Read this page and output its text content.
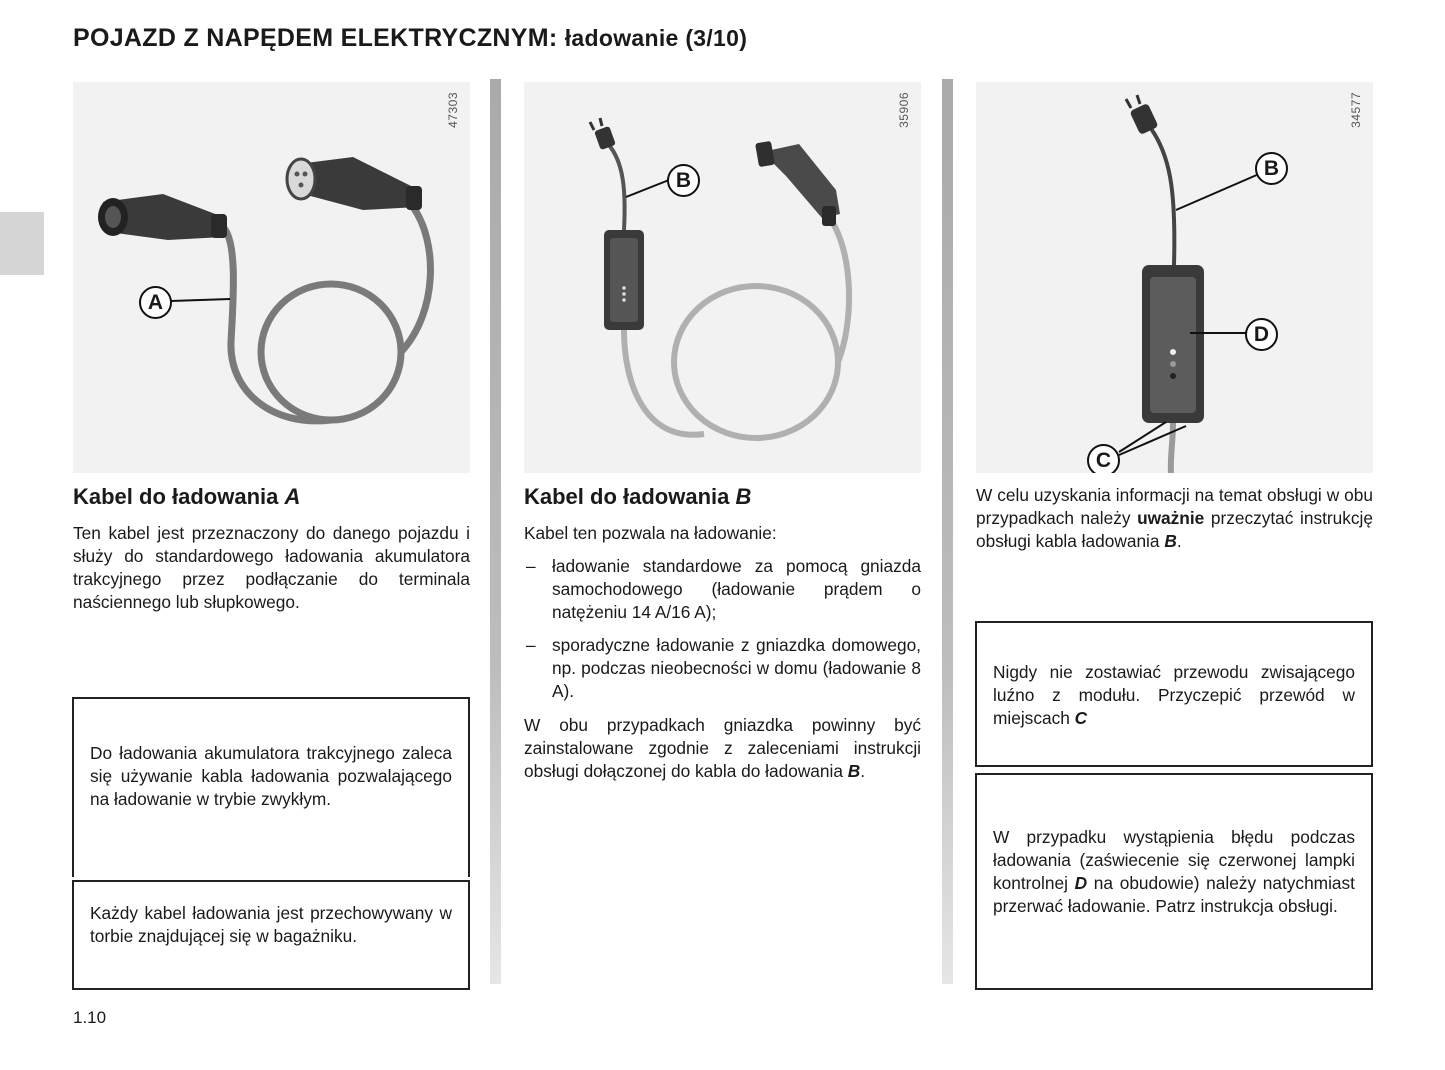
POJAZD Z NAPĘDEM ELEKTRYCZNYM: ładowanie (3/10)
47303
A
35906
B
34577
B
D
C
Kabel do ładowania A

Ten kabel jest przeznaczony do danego pojazdu i służy do standardowego ładowania akumulatora trakcyjnego przez podłączanie do terminala naściennego lub słupkowego.

Do ładowania akumulatora trakcyjnego zaleca się używanie kabla ładowania pozwalającego na ładowanie w trybie zwykłym.
Każdy kabel ładowania jest przechowywany w torbie znajdującej się w bagażniku.
Kabel do ładowania B

Kabel ten pozwala na ładowanie:

– ładowanie standardowe za pomocą gniazda samochodowego (ładowanie prądem o natężeniu 14 A/16 A);
– sporadyczne ładowanie z gniazdka domowego, np. podczas nieobecności w domu (ładowanie 8 A).

W obu przypadkach gniazdka powinny być zainstalowane zgodnie z zaleceniami instrukcji obsługi dołączonej do kabla do ładowania B.

W celu uzyskania informacji na temat obsługi w obu przypadkach należy uważnie przeczytać instrukcję obsługi kabla ładowania B.

Nigdy nie zostawiać przewodu zwisającego luźno z modułu. Przyczepić przewód w miejscach C
W przypadku wystąpienia błędu podczas ładowania (zaświecenie się czerwonej lampki kontrolnej D na obudowie) należy natychmiast przerwać ładowanie. Patrz instrukcja obsługi.
1.10
